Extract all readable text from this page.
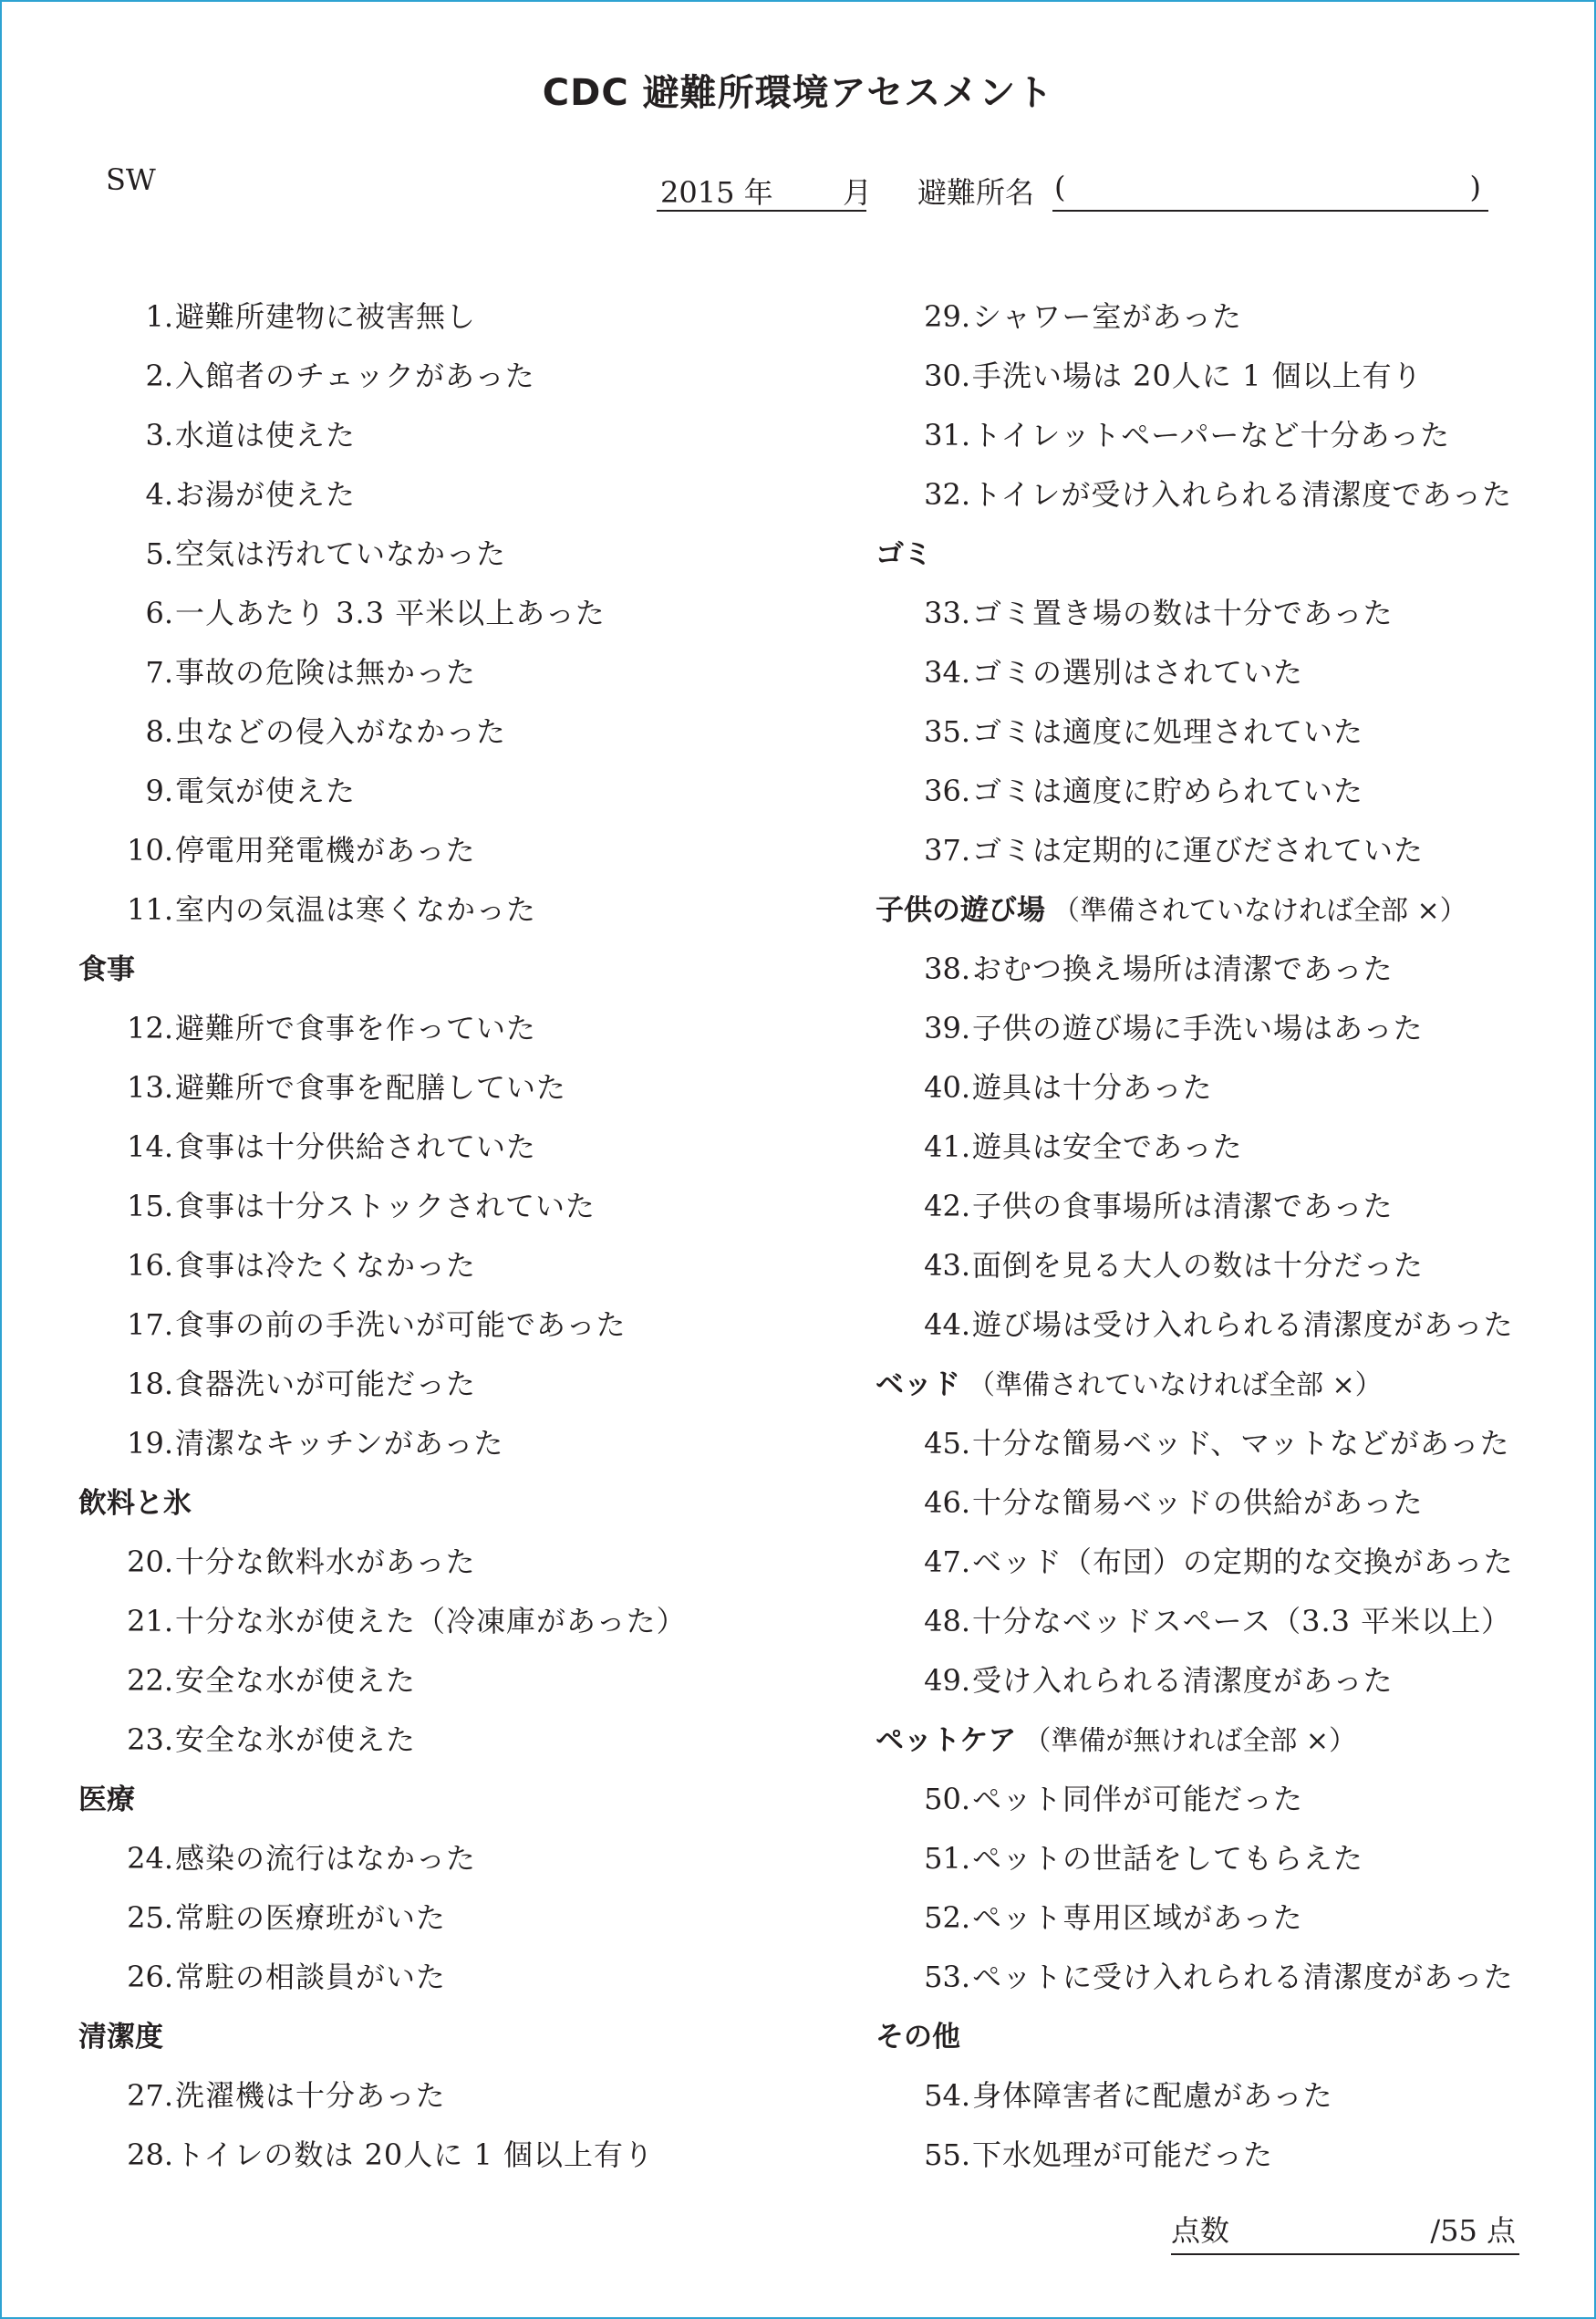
CDC 避難所環境アセスメント
SW	2015 年 月 避難所名 (	)
1.避難所建物に被害無し
2.入館者のチェックがあった
3.水道は使えた
4.お湯が使えた
5.空気は汚れていなかった
6.一人あたり 3.3 平米以上あった
7.事故の危険は無かった
8.虫などの侵入がなかった
9.電気が使えた
10.停電用発電機があった
11.室内の気温は寒くなかった
食事
12.避難所で食事を作っていた
13.避難所で食事を配膳していた
14.食事は十分供給されていた
15.食事は十分ストックされていた
16.食事は冷たくなかった
17.食事の前の手洗いが可能であった
18.食器洗いが可能だった
19.清潔なキッチンがあった
飲料と氷
20.十分な飲料水があった
21.十分な氷が使えた（冷凍庫があった）
22.安全な水が使えた
23.安全な氷が使えた
医療
24.感染の流行はなかった
25.常駐の医療班がいた
26.常駐の相談員がいた
清潔度
27.洗濯機は十分あった
28.トイレの数は 20人に 1 個以上有り
29.シャワー室があった
30.手洗い場は 20人に 1 個以上有り
31.トイレットペーパーなど十分あった
32.トイレが受け入れられる清潔度であった
ゴミ
33.ゴミ置き場の数は十分であった
34.ゴミの選別はされていた
35.ゴミは適度に処理されていた
36.ゴミは適度に貯められていた
37.ゴミは定期的に運びだされていた
子供の遊び場 （準備されていなければ全部 ×）
38.おむつ換え場所は清潔であった
39.子供の遊び場に手洗い場はあった
40.遊具は十分あった
41.遊具は安全であった
42.子供の食事場所は清潔であった
43.面倒を見る大人の数は十分だった
44.遊び場は受け入れられる清潔度があった
ベッド （準備されていなければ全部 ×）
45.十分な簡易ベッド、マットなどがあった
46.十分な簡易ベッドの供給があった
47.ベッド（布団）の定期的な交換があった
48.十分なベッドスペース（3.3 平米以上）
49.受け入れられる清潔度があった
ペットケア （準備が無ければ全部 ×）
50.ペット同伴が可能だった
51.ペットの世話をしてもらえた
52.ペット専用区域があった
53.ペットに受け入れられる清潔度があった
その他
54.身体障害者に配慮があった
55.下水処理が可能だった
点数	/55 点
